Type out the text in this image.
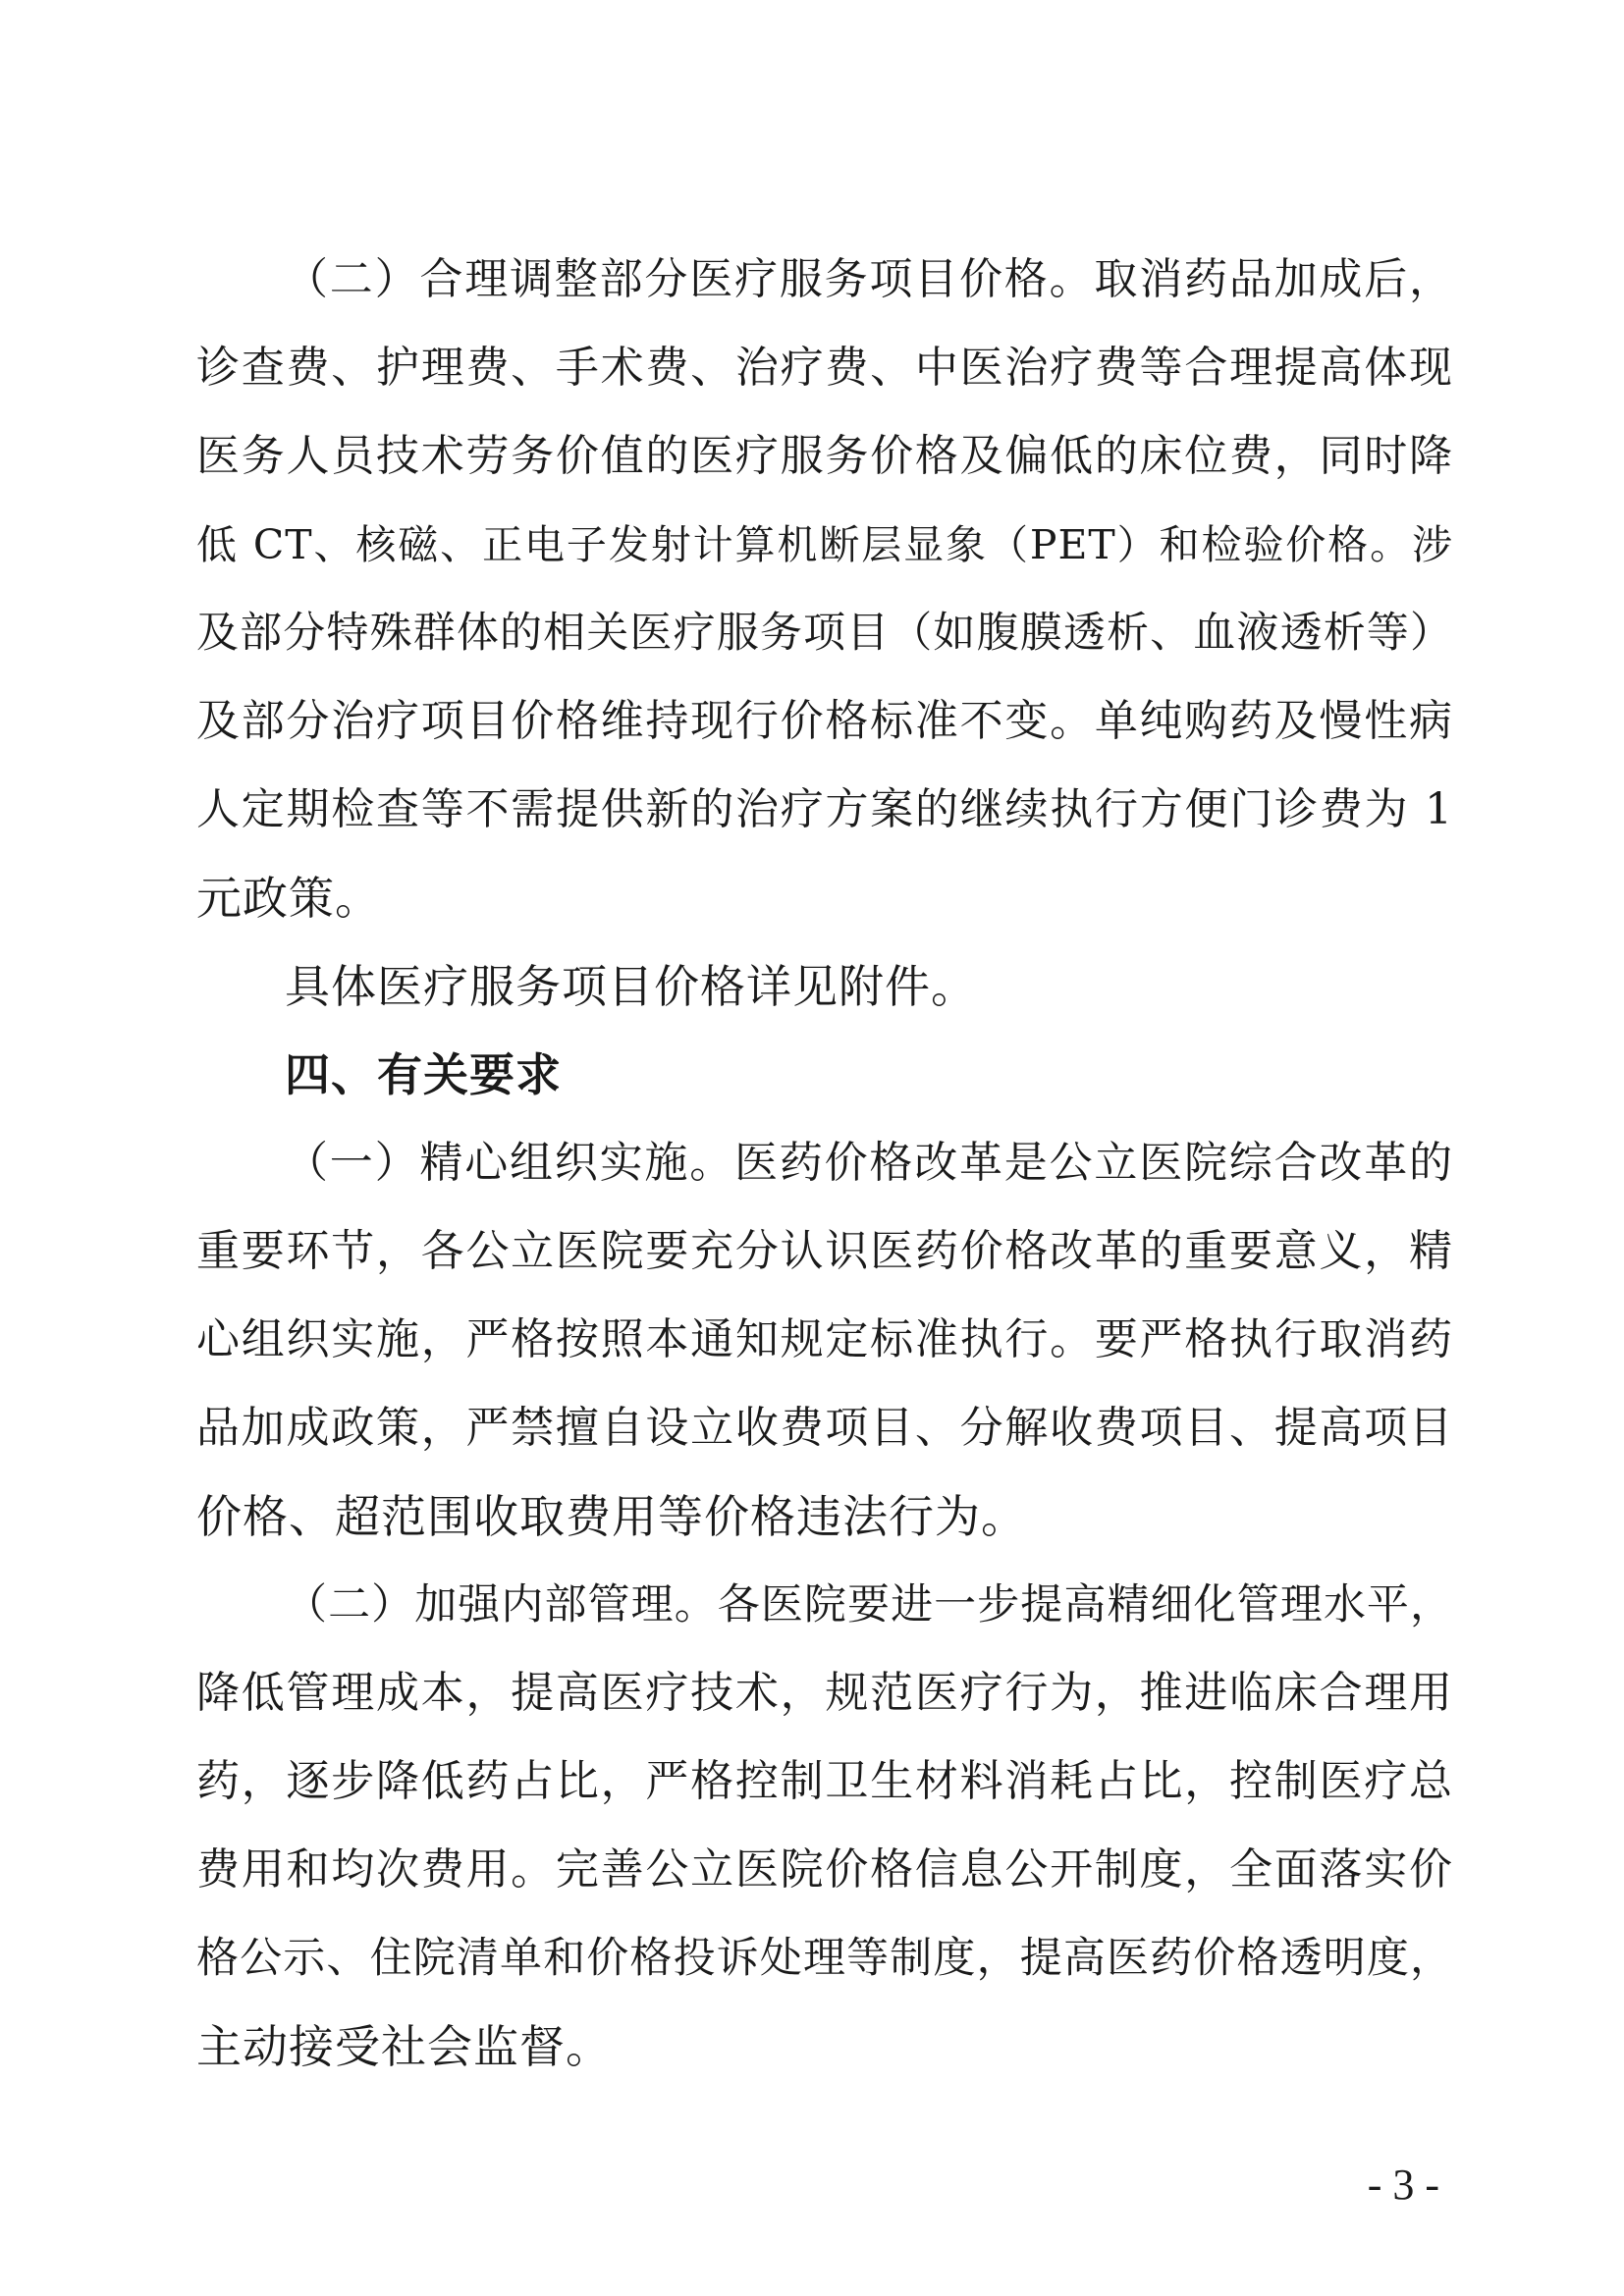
（二）合理调整部分医疗服务项目价格。取消药品加成后，
诊查费、护理费、手术费、治疗费、中医治疗费等合理提高体现
医务人员技术劳务价值的医疗服务价格及偏低的床位费，同时降
低 CT、核磁、正电子发射计算机断层显象（PET）和检验价格。涉
及部分特殊群体的相关医疗服务项目（如腹膜透析、血液透析等）
及部分治疗项目价格维持现行价格标准不变。单纯购药及慢性病
人定期检查等不需提供新的治疗方案的继续执行方便门诊费为 1
元政策。
具体医疗服务项目价格详见附件。
四、有关要求
（一）精心组织实施。医药价格改革是公立医院综合改革的
重要环节，各公立医院要充分认识医药价格改革的重要意义，精
心组织实施，严格按照本通知规定标准执行。要严格执行取消药
品加成政策，严禁擅自设立收费项目、分解收费项目、提高项目
价格、超范围收取费用等价格违法行为。
（二）加强内部管理。各医院要进一步提高精细化管理水平，
降低管理成本，提高医疗技术，规范医疗行为，推进临床合理用
药，逐步降低药占比，严格控制卫生材料消耗占比，控制医疗总
费用和均次费用。完善公立医院价格信息公开制度，全面落实价
格公示、住院清单和价格投诉处理等制度，提高医药价格透明度，
主动接受社会监督。
- 3 -
